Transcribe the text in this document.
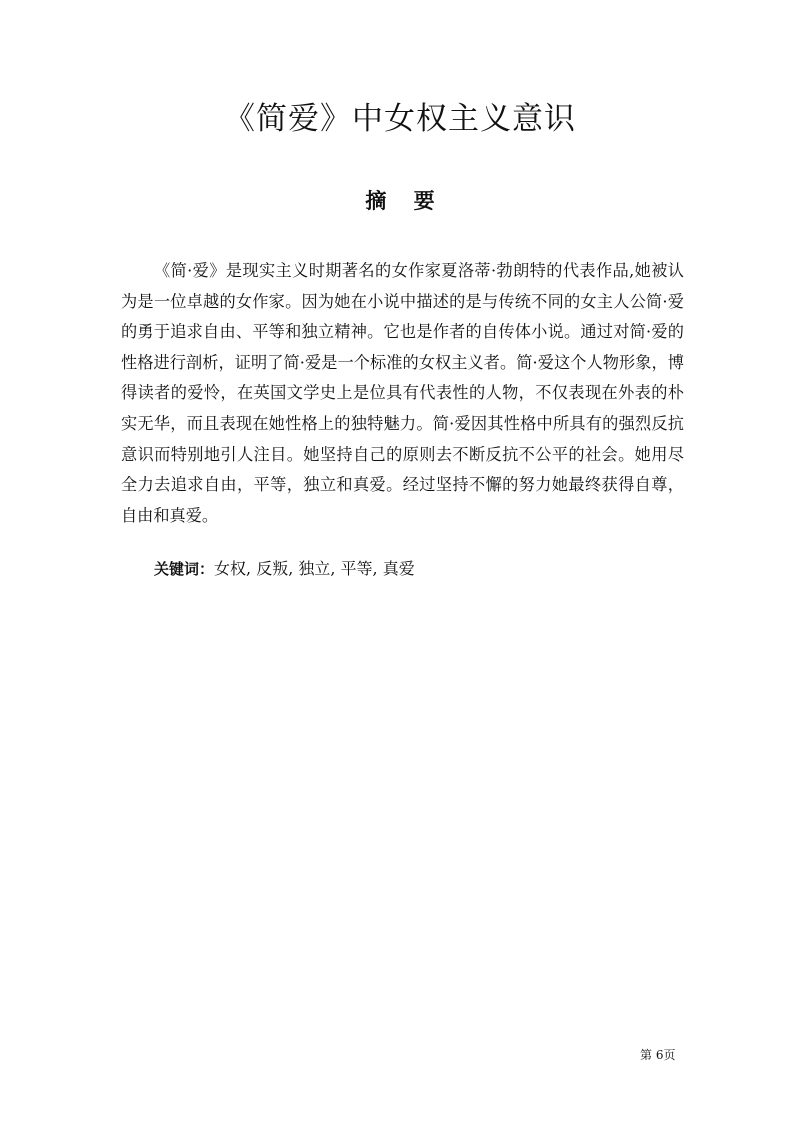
《简爱》中女权主义意识
摘 要

《简·爱》是现实主义时期著名的女作家夏洛蒂·勃朗特的代表作品,她被认为是一位卓越的女作家。因为她在小说中描述的是与传统不同的女主人公简·爱的勇于追求自由、平等和独立精神。它也是作者的自传体小说。通过对简·爱的性格进行剖析，证明了简·爱是一个标准的女权主义者。简·爱这个人物形象，博得读者的爱怜，在英国文学史上是位具有代表性的人物，不仅表现在外表的朴实无华，而且表现在她性格上的独特魅力。简·爱因其性格中所具有的强烈反抗意识而特别地引人注目。她坚持自己的原则去不断反抗不公平的社会。她用尽全力去追求自由，平等，独立和真爱。经过坚持不懈的努力她最终获得自尊，自由和真爱。

关键词：女权, 反叛, 独立, 平等, 真爱
第 6页
